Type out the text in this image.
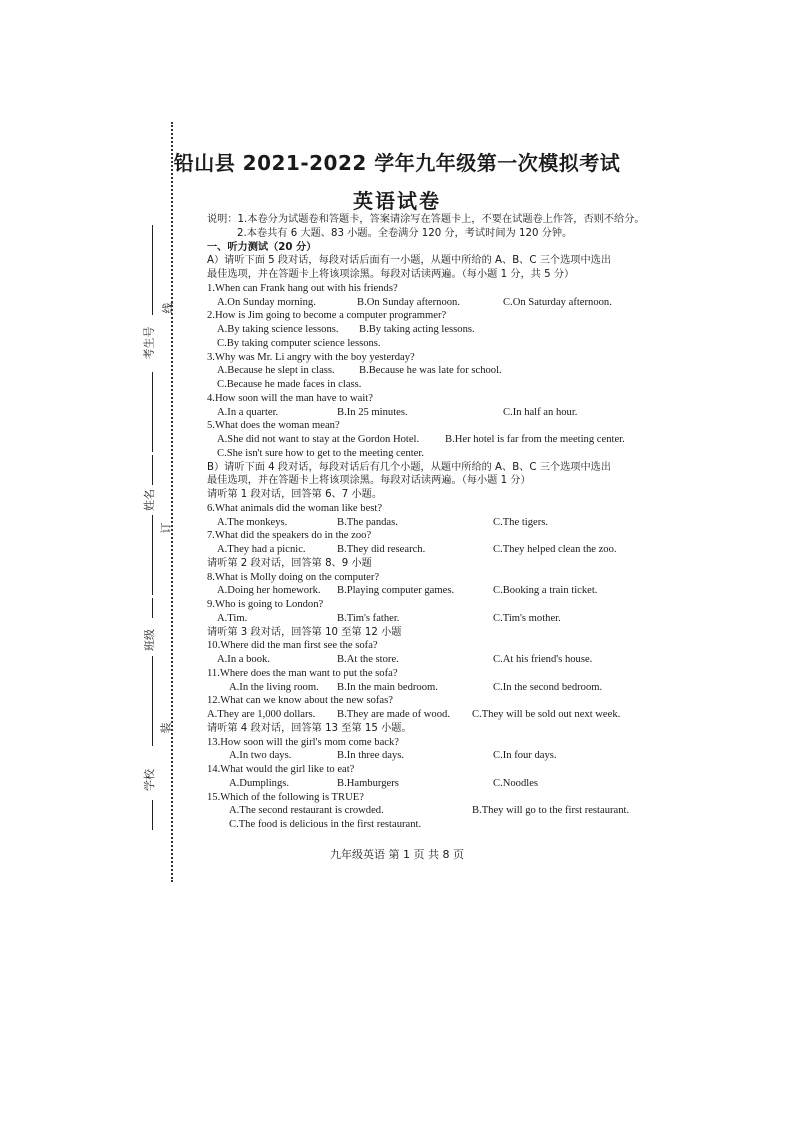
线
订
装
考生号
姓名
班级
学校
铅山县 2021-2022 学年九年级第一次模拟考试
英语试卷
说明：1.本卷分为试题卷和答题卡，答案请涂写在答题卡上，不要在试题卷上作答，否则不给分。
2.本卷共有 6 大题、83 小题。全卷满分 120 分，考试时间为 120 分钟。
一、听力测试（20 分）
A）请听下面 5 段对话，每段对话后面有一小题，从题中所给的 A、B、C 三个选项中选出
最佳选项，并在答题卡上将该项涂黑。每段对话读两遍。（每小题 1 分，共 5 分）
1.When can Frank hang out with his friends?
A.On Sunday morning.	B.On Sunday afternoon.	C.On Saturday afternoon.
2.How is Jim going to become a computer programmer?
A.By taking science lessons.	B.By taking acting lessons.
C.By taking computer science lessons.
3.Why was Mr. Li angry with the boy yesterday?
A.Because he slept in class.	B.Because he was late for school.
C.Because he made faces in class.
4.How soon will the man have to wait?
A.In a quarter.	B.In 25 minutes.	C.In half an hour.
5.What does the woman mean?
A.She did not want to stay at the Gordon Hotel.	B.Her hotel is far from the meeting center.
C.She isn't sure how to get to the meeting center.
B）请听下面 4 段对话，每段对话后有几个小题，从题中所给的 A、B、C 三个选项中选出
最佳选项，并在答题卡上将该项涂黑。每段对话读两遍。（每小题 1 分）
请听第 1 段对话，回答第 6、7 小题。
6.What animals did the woman like best?
A.The monkeys.	B.The pandas.	C.The tigers.
7.What did the speakers do in the zoo?
A.They had a picnic.	B.They did research.	C.They helped clean the zoo.
请听第 2 段对话，回答第 8、9 小题
8.What is Molly doing on the computer?
A.Doing her homework.	B.Playing computer games.	C.Booking a train ticket.
9.Who is going to London?
A.Tim.	B.Tim's father.	C.Tim's mother.
请听第 3 段对话，回答第 10 至第 12 小题
10.Where did the man first see the sofa?
A.In a book.	B.At the store.	C.At his friend's house.
11.Where does the man want to put the sofa?
A.In the living room.	B.In the main bedroom.	C.In the second bedroom.
12.What can we know about the new sofas?
A.They are 1,000 dollars.	B.They are made of wood.	C.They will be sold out next week.
请听第 4 段对话，回答第 13 至第 15 小题。
13.How soon will the girl's mom come back?
A.In two days.	B.In three days.	C.In four days.
14.What would the girl like to eat?
A.Dumplings.	B.Hamburgers	C.Noodles
15.Which of the following is TRUE?
A.The second restaurant is crowded.	B.They will go to the first restaurant.
C.The food is delicious in the first restaurant.
九年级英语 第 1 页 共 8 页
